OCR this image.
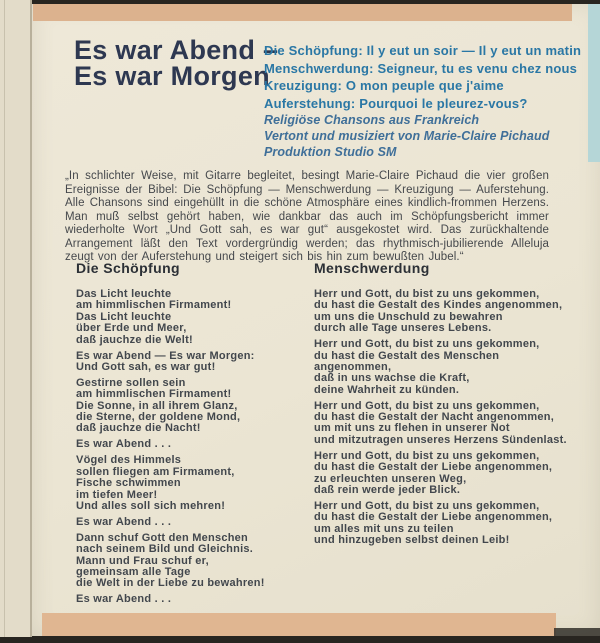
Es war Abend –
Es war Morgen
Die Schöpfung: Il y eut un soir — Il y eut un matin
Menschwerdung: Seigneur, tu es venu chez nous
Kreuzigung: O mon peuple que j'aime
Auferstehung: Pourquoi le pleurez-vous?
Religiöse Chansons aus Frankreich
Vertont und musiziert von Marie-Claire Pichaud
Produktion Studio SM

„In schlichter Weise, mit Gitarre begleitet, besingt Marie-Claire Pichaud die vier großen Ereignisse der Bibel: Die Schöpfung — Menschwerdung — Kreuzigung — Auferstehung. Alle Chansons sind eingehüllt in die schöne Atmosphäre eines kindlich-frommen Herzens. Man muß selbst gehört haben, wie dankbar das auch im Schöpfungsbericht immer wiederholte Wort „Und Gott sah, es war gut“ ausgekostet wird. Das zurückhaltende Arrangement läßt den Text vordergründig werden; das rhythmisch-jubilierende Alleluja zeugt von der Auferstehung und steigert sich bis hin zum bewußten Jubel.“

Die Schöpfung
Das Licht leuchte
am himmlischen Firmament!
Das Licht leuchte
über Erde und Meer,
daß jauchze die Welt!
Es war Abend — Es war Morgen:
Und Gott sah, es war gut!
Gestirne sollen sein
am himmlischen Firmament!
Die Sonne, in all ihrem Glanz,
die Sterne, der goldene Mond,
daß jauchze die Nacht!
Es war Abend . . .
Vögel des Himmels
sollen fliegen am Firmament,
Fische schwimmen
im tiefen Meer!
Und alles soll sich mehren!
Es war Abend . . .
Dann schuf Gott den Menschen
nach seinem Bild und Gleichnis.
Mann und Frau schuf er,
gemeinsam alle Tage
die Welt in der Liebe zu bewahren!
Es war Abend . . .
Menschwerdung
Herr und Gott, du bist zu uns gekommen,
du hast die Gestalt des Kindes angenommen,
um uns die Unschuld zu bewahren
durch alle Tage unseres Lebens.
Herr und Gott, du bist zu uns gekommen,
du hast die Gestalt des Menschen angenommen,
daß in uns wachse die Kraft,
deine Wahrheit zu künden.
Herr und Gott, du bist zu uns gekommen,
du hast die Gestalt der Nacht angenommen,
um mit uns zu flehen in unserer Not
und mitzutragen unseres Herzens Sündenlast.
Herr und Gott, du bist zu uns gekommen,
du hast die Gestalt der Liebe angenommen,
zu erleuchten unseren Weg,
daß rein werde jeder Blick.
Herr und Gott, du bist zu uns gekommen,
du hast die Gestalt der Liebe angenommen,
um alles mit uns zu teilen
und hinzugeben selbst deinen Leib!
